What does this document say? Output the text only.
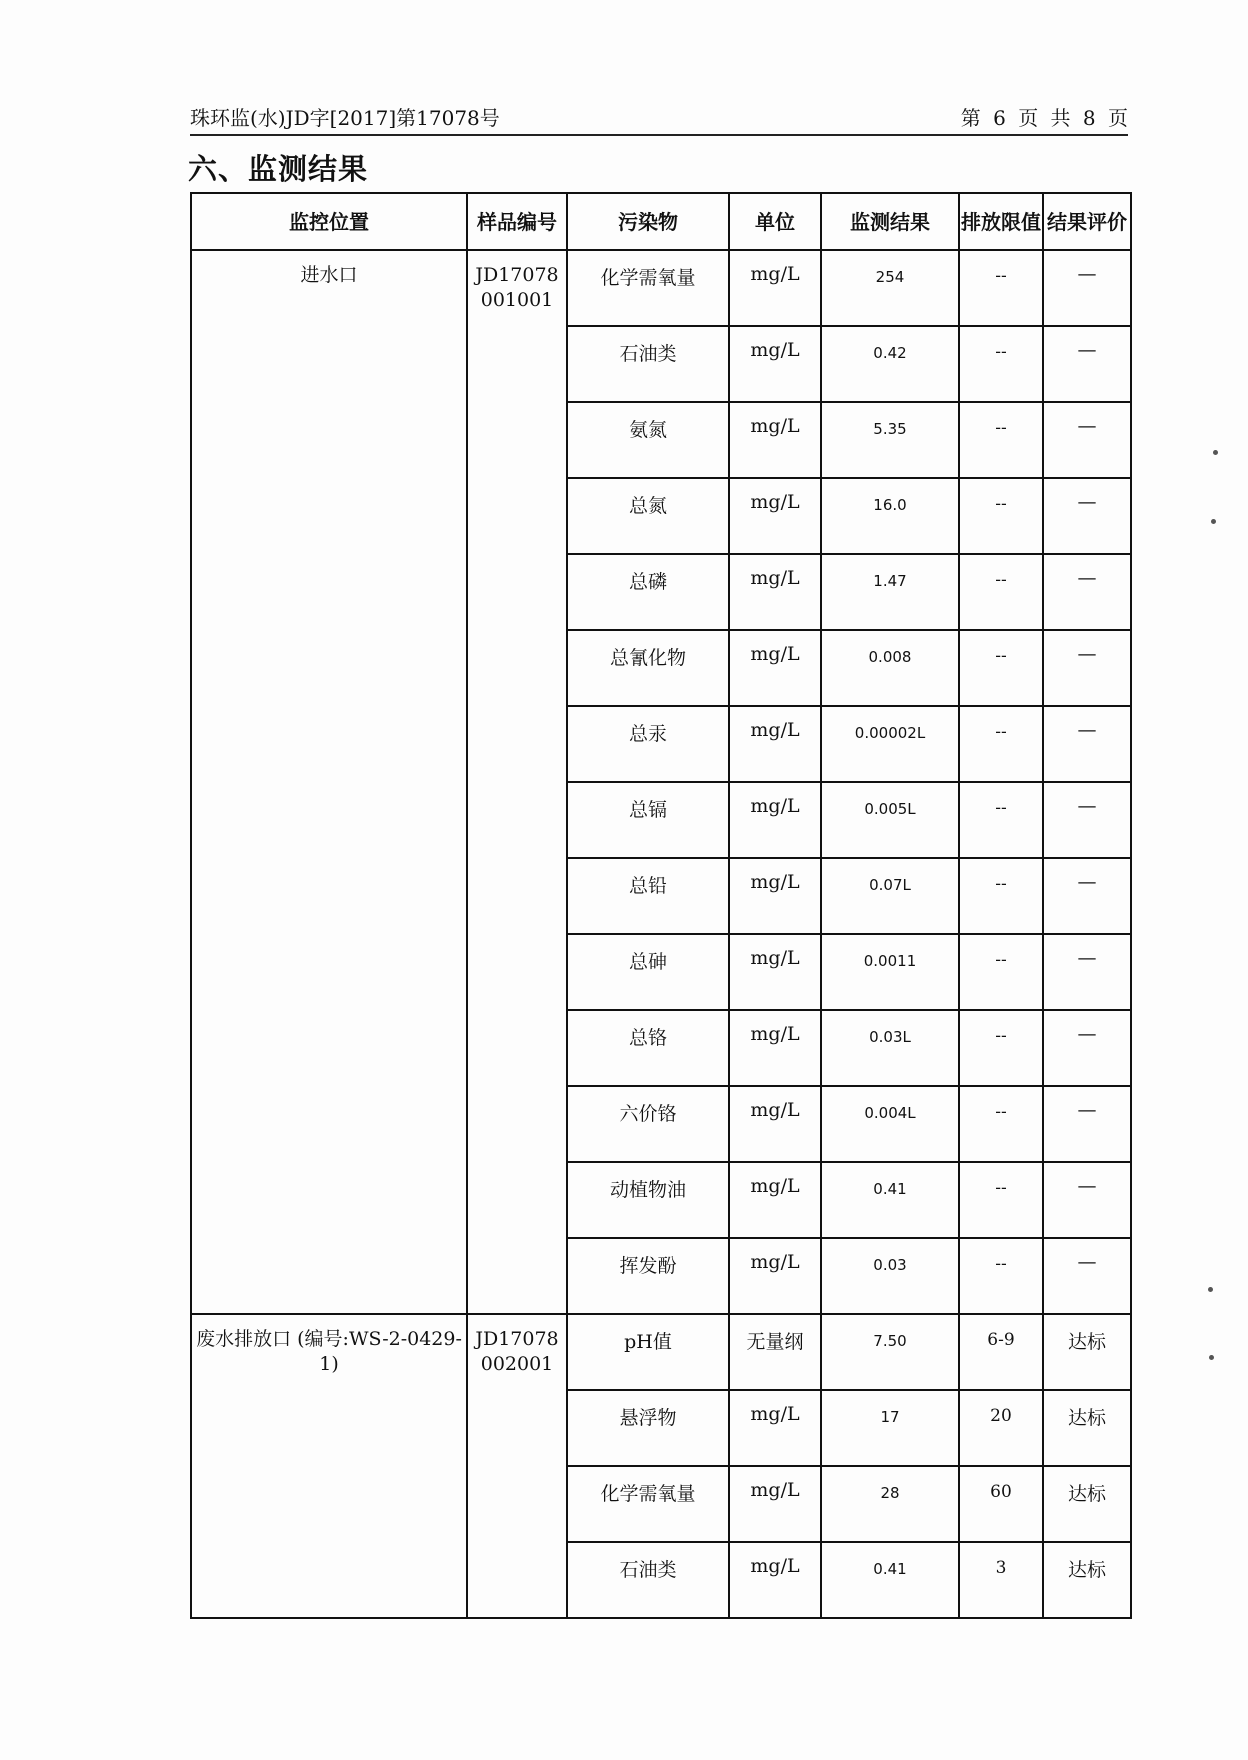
珠环监(水)JD字[2017]第17078号	第 6 页 共 8 页
六、监测结果
监控位置	样品编号	污染物	单位	监测结果	排放限值	结果评价
进水口	JD17078 001001	化学需氧量	mg/L	254	--	—
		石油类	mg/L	0.42	--	—
		氨氮	mg/L	5.35	--	—
		总氮	mg/L	16.0	--	—
		总磷	mg/L	1.47	--	—
		总氰化物	mg/L	0.008	--	—
		总汞	mg/L	0.00002L	--	—
		总镉	mg/L	0.005L	--	—
		总铅	mg/L	0.07L	--	—
		总砷	mg/L	0.0011	--	—
		总铬	mg/L	0.03L	--	—
		六价铬	mg/L	0.004L	--	—
		动植物油	mg/L	0.41	--	—
		挥发酚	mg/L	0.03	--	—
废水排放口 (编号:WS-2-0429-1)	JD17078 002001	pH值	无量纲	7.50	6-9	达标
		悬浮物	mg/L	17	20	达标
		化学需氧量	mg/L	28	60	达标
		石油类	mg/L	0.41	3	达标
